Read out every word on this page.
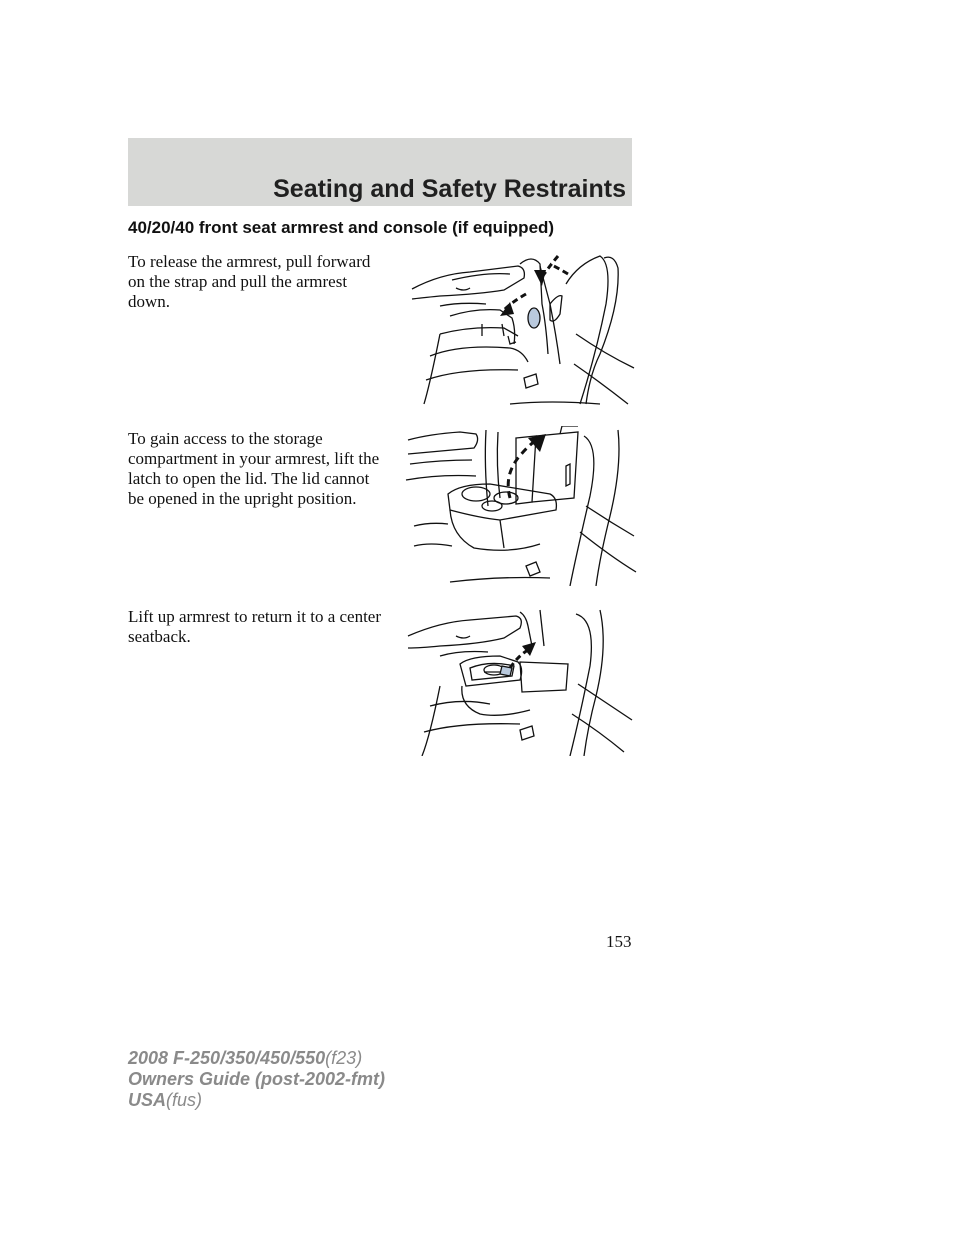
Seating and Safety Restraints
40/20/40 front seat armrest and console (if equipped)
To release the armrest, pull forward on the strap and pull the armrest down.
To gain access to the storage compartment in your armrest, lift the latch to open the lid. The lid cannot be opened in the upright position.
Lift up armrest to return it to a center seatback.
153
2008 F-250/350/450/550(f23)
Owners Guide (post-2002-fmt)
USA(fus)
